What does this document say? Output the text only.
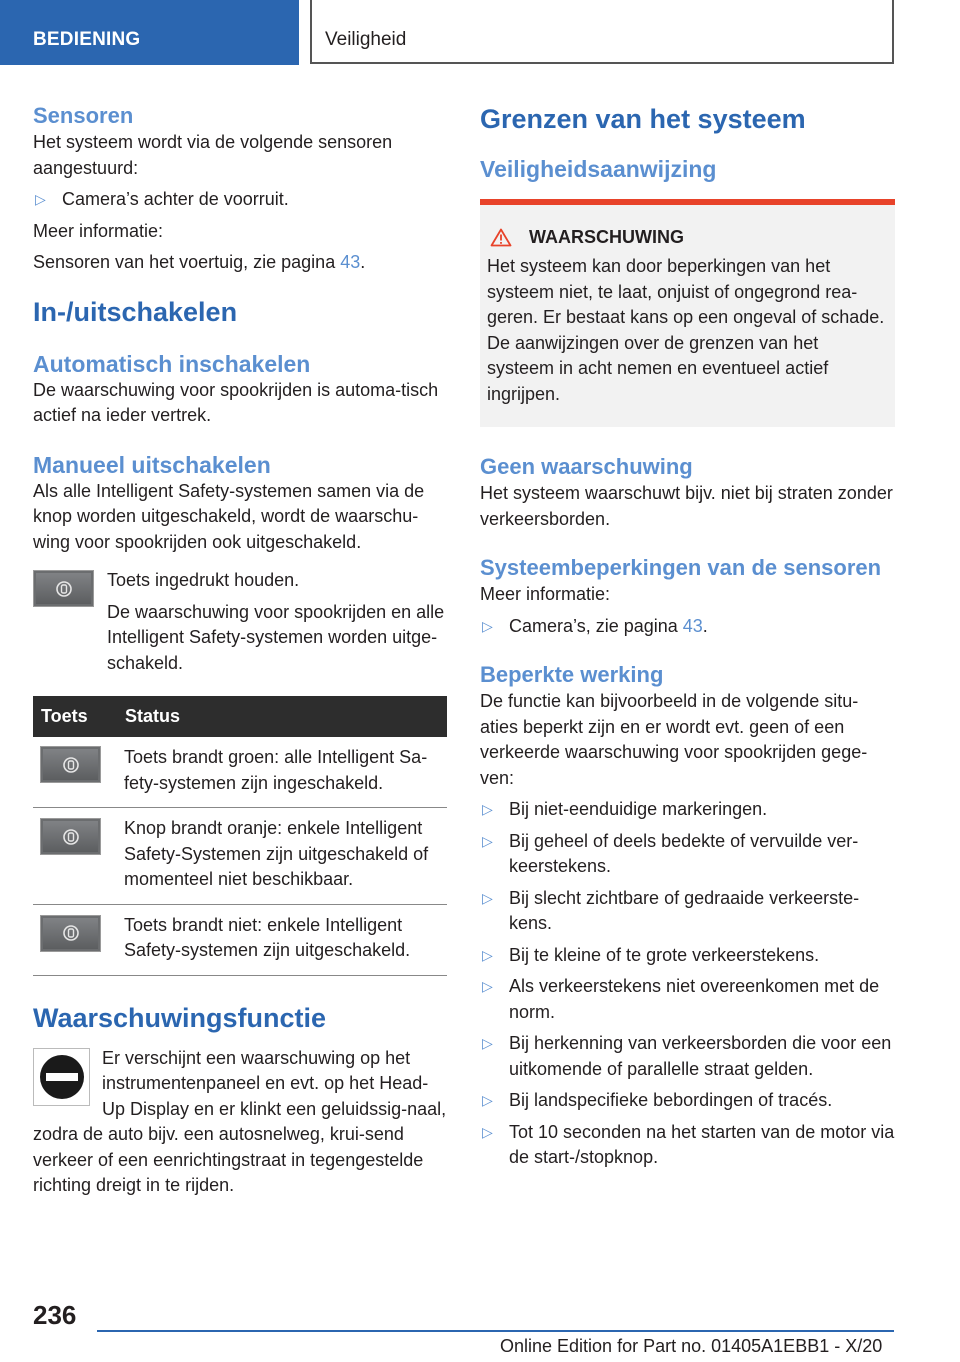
BEDIENING	Veiligheid
Sensoren

Het systeem wordt via de volgende sensoren aangestuurd:

▷ Camera’s achter de voorruit.

Meer informatie:

Sensoren van het voertuig, zie pagina 43.

In-/uitschakelen
Automatisch inschakelen

De waarschuwing voor spookrijden is automa-tisch actief na ieder vertrek.

Manueel uitschakelen

Als alle Intelligent Safety-systemen samen via de knop worden uitgeschakeld, wordt de waarschu-wing voor spookrijden ook uitgeschakeld.

Toets ingedrukt houden.

De waarschuwing voor spookrijden en alle Intelligent Safety-systemen worden uitge-schakeld.

Toets	Status

	Toets brandt groen: alle Intelligent Sa-fety-systemen zijn ingeschakeld.

	Knop brandt oranje: enkele Intelligent Safety-Systemen zijn uitgeschakeld of momenteel niet beschikbaar.

	Toets brandt niet: enkele Intelligent Safety-systemen zijn uitgeschakeld.
Waarschuwingsfunctie

Er verschijnt een waarschuwing op het instrumentenpaneel en evt. op het Head-Up Display en er klinkt een geluidssig-naal, zodra de auto bijv. een autosnelweg, krui-send verkeer of een eenrichtingstraat in tegengestelde richting dreigt in te rijden.

Grenzen van het systeem
Veiligheidsaanwijzing
WAARSCHUWING

Het systeem kan door beperkingen van het systeem niet, te laat, onjuist of ongegrond rea-geren. Er bestaat kans op een ongeval of schade. De aanwijzingen over de grenzen van het systeem in acht nemen en eventueel actief ingrijpen.

Geen waarschuwing

Het systeem waarschuwt bijv. niet bij straten zonder verkeersborden.

Systeembeperkingen van de sensoren

Meer informatie:

▷ Camera’s, zie pagina 43.
Beperkte werking

De functie kan bijvoorbeeld in de volgende situ-aties beperkt zijn en er wordt evt. geen of een verkeerde waarschuwing voor spookrijden gege-ven:

▷ Bij niet-eenduidige markeringen.
▷ Bij geheel of deels bedekte of vervuilde ver-keerstekens.
▷ Bij slecht zichtbare of gedraaide verkeerste-kens.
▷ Bij te kleine of te grote verkeerstekens.
▷ Als verkeerstekens niet overeenkomen met de norm.
▷ Bij herkenning van verkeersborden die voor een uitkomende of parallelle straat gelden.
▷ Bij landspecifieke bebordingen of tracés.
▷ Tot 10 seconden na het starten van de motor via de start-/stopknop.
236
Online Edition for Part no. 01405A1EBB1 - X/20
